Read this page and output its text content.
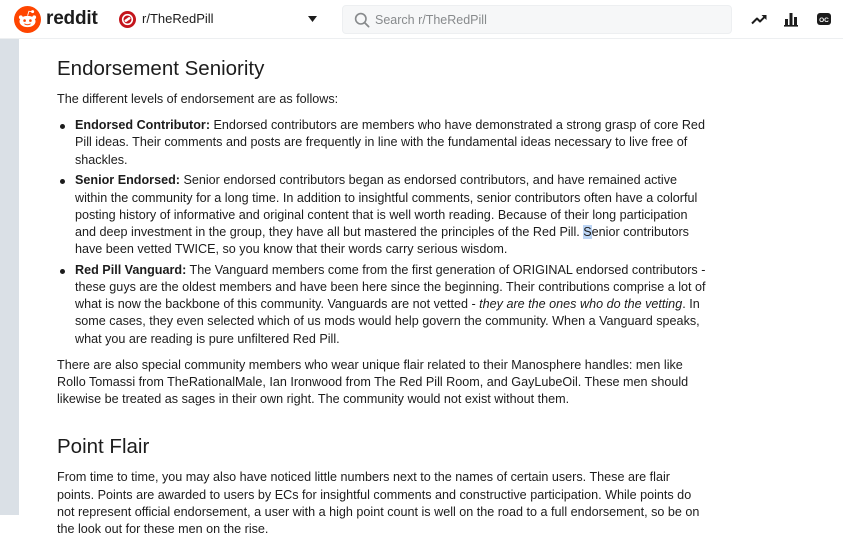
reddit	r/TheRedPill
Search r/TheRedPill	OC
Endorsement Seniority

The different levels of endorsement are as follows:

Endorsed Contributor: Endorsed contributors are members who have demonstrated a strong grasp of core Red Pill ideas. Their comments and posts are frequently in line with the fundamental ideas necessary to live free of shackles.
Senior Endorsed: Senior endorsed contributors began as endorsed contributors, and have remained active within the community for a long time. In addition to insightful comments, senior contributors often have a colorful posting history of informative and original content that is well worth reading. Because of their long participation and deep investment in the group, they have all but mastered the principles of the Red Pill. Senior contributors have been vetted TWICE, so you know that their words carry serious wisdom.
Red Pill Vanguard: The Vanguard members come from the first generation of ORIGINAL endorsed contributors - these guys are the oldest members and have been here since the beginning. Their contributions comprise a lot of what is now the backbone of this community. Vanguards are not vetted - they are the ones who do the vetting. In some cases, they even selected which of us mods would help govern the community. When a Vanguard speaks, what you are reading is pure unfiltered Red Pill.

There are also special community members who wear unique flair related to their Manosphere handles: men like Rollo Tomassi from TheRationalMale, Ian Ironwood from The Red Pill Room, and GayLubeOil. These men should likewise be treated as sages in their own right. The community would not exist without them.

Point Flair

From time to time, you may also have noticed little numbers next to the names of certain users. These are flair points. Points are awarded to users by ECs for insightful comments and constructive participation. While points do not represent official endorsement, a user with a high point count is well on the road to a full endorsement, so be on the look out for these men on the rise.
